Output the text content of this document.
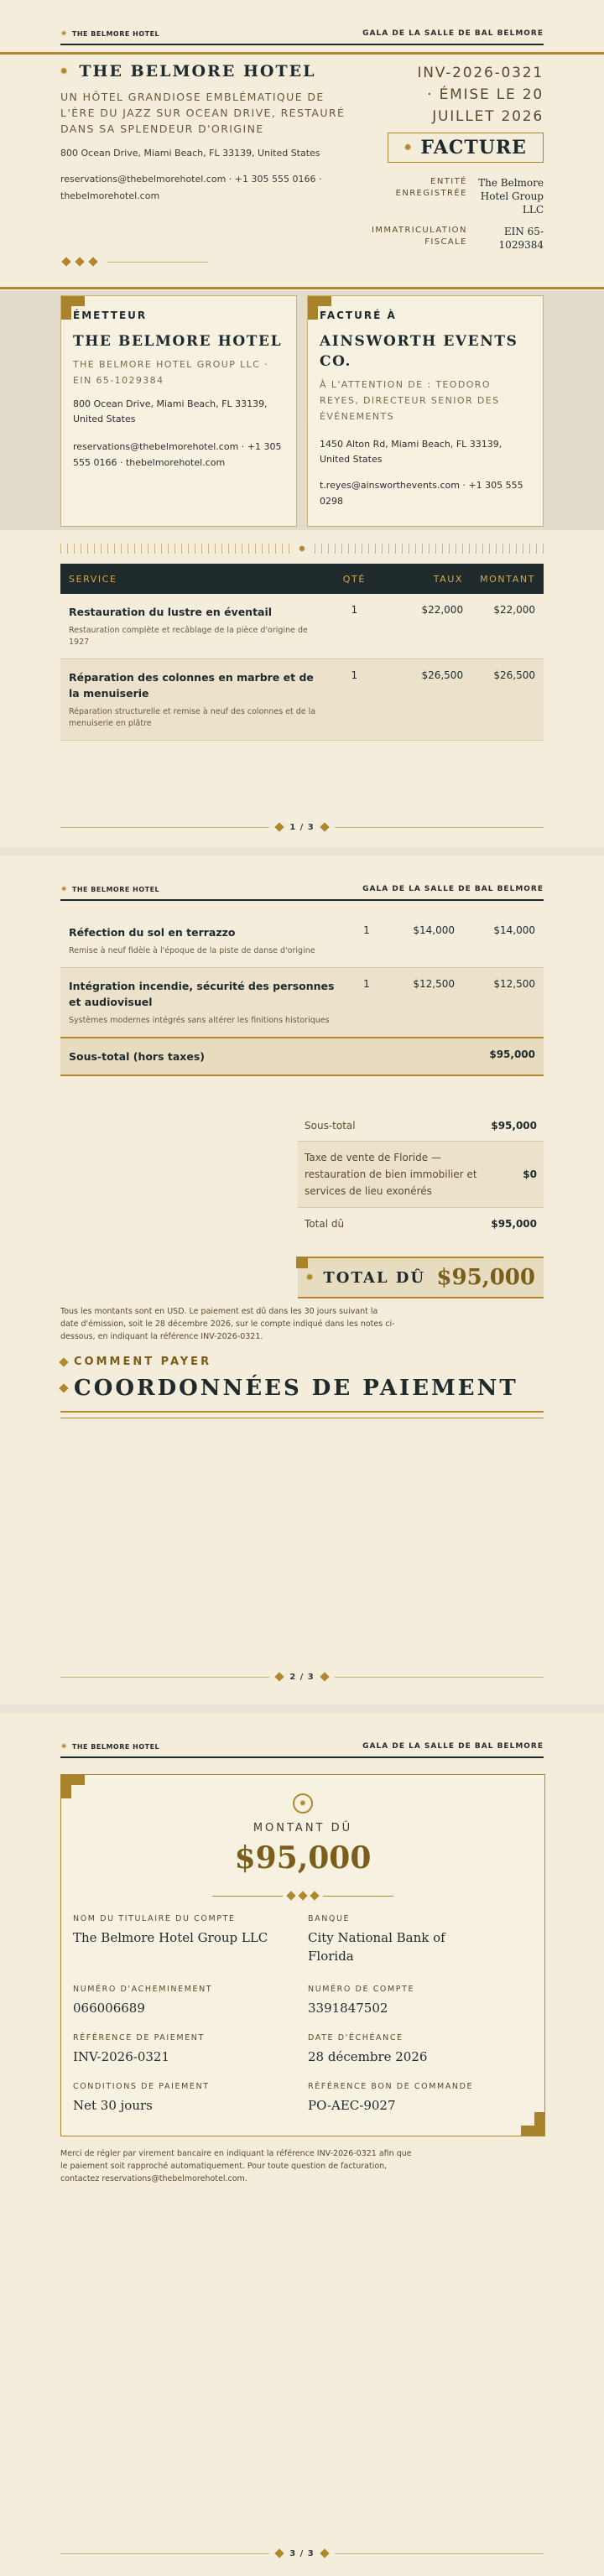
✷ THE BELMORE HOTEL	GALA DE LA SALLE DE BAL BELMORE
✹ THE BELMORE HOTEL
UN HÔTEL GRANDIOSE EMBLÉMATIQUE DE L'ÈRE DU JAZZ SUR OCEAN DRIVE, RESTAURÉ DANS SA SPLENDEUR D'ORIGINE
800 Ocean Drive, Miami Beach, FL 33139, United States
reservations@thebelmorehotel.com · +1 305 555 0166 · thebelmorehotel.com
INV-2026-0321
· ÉMISE LE 20
JUILLET 2026
✹ FACTURE
ENTITÉ ENREGISTRÉE
The Belmore Hotel Group LLC
IMMATRICULATION FISCALE
EIN 65-1029384
ÉMETTEUR
THE BELMORE HOTEL
THE BELMORE HOTEL GROUP LLC · EIN 65-1029384
800 Ocean Drive, Miami Beach, FL 33139, United States
reservations@thebelmorehotel.com · +1 305 555 0166 · thebelmorehotel.com
FACTURÉ À
AINSWORTH EVENTS CO.
À L'ATTENTION DE : TEODORO REYES, DIRECTEUR SENIOR DES ÉVÉNEMENTS
1450 Alton Rd, Miami Beach, FL 33139, United States
t.reyes@ainsworthevents.com · +1 305 555 0298
✹
SERVICE	QTÉ	TAUX	MONTANT

Restauration du lustre en éventail
Restauration complète et recâblage de la pièce d'origine de 1927	1	$22,000	$22,000

Réparation des colonnes en marbre et de la menuiserie
Réparation structurelle et remise à neuf des colonnes et de la menuiserie en plâtre	1	$26,500	$26,500
1 / 3
✷ THE BELMORE HOTEL	GALA DE LA SALLE DE BAL BELMORE
Réfection du sol en terrazzo
Remise à neuf fidèle à l'époque de la piste de danse d'origine	1	$14,000	$14,000

Intégration incendie, sécurité des personnes et audiovisuel
Systèmes modernes intégrés sans altérer les finitions historiques	1	$12,500	$12,500

Sous-total (hors taxes)			$95,000
Sous-total	$95,000
Taxe de vente de Floride — restauration de bien immobilier et services de lieu exonérés
$0
Total dû	$95,000
✹ TOTAL DÛ $95,000
Tous les montants sont en USD. Le paiement est dû dans les 30 jours suivant la date d'émission, soit le 28 décembre 2026, sur le compte indiqué dans les notes ci-dessous, en indiquant la référence INV-2026-0321.
COMMENT PAYER
COORDONNÉES DE PAIEMENT
2 / 3
✷ THE BELMORE HOTEL	GALA DE LA SALLE DE BAL BELMORE
✹
MONTANT DÛ
$95,000
NOM DU TITULAIRE DU COMPTE
The Belmore Hotel Group LLC
BANQUE
City National Bank of Florida
NUMÉRO D'ACHEMINEMENT
066006689
NUMÉRO DE COMPTE
3391847502
RÉFÉRENCE DE PAIEMENT
INV-2026-0321
DATE D'ÉCHÉANCE
28 décembre 2026
CONDITIONS DE PAIEMENT
Net 30 jours
RÉFÉRENCE BON DE COMMANDE
PO-AEC-9027
Merci de régler par virement bancaire en indiquant la référence INV-2026-0321 afin que le paiement soit rapproché automatiquement. Pour toute question de facturation, contactez reservations@thebelmorehotel.com.
3 / 3
